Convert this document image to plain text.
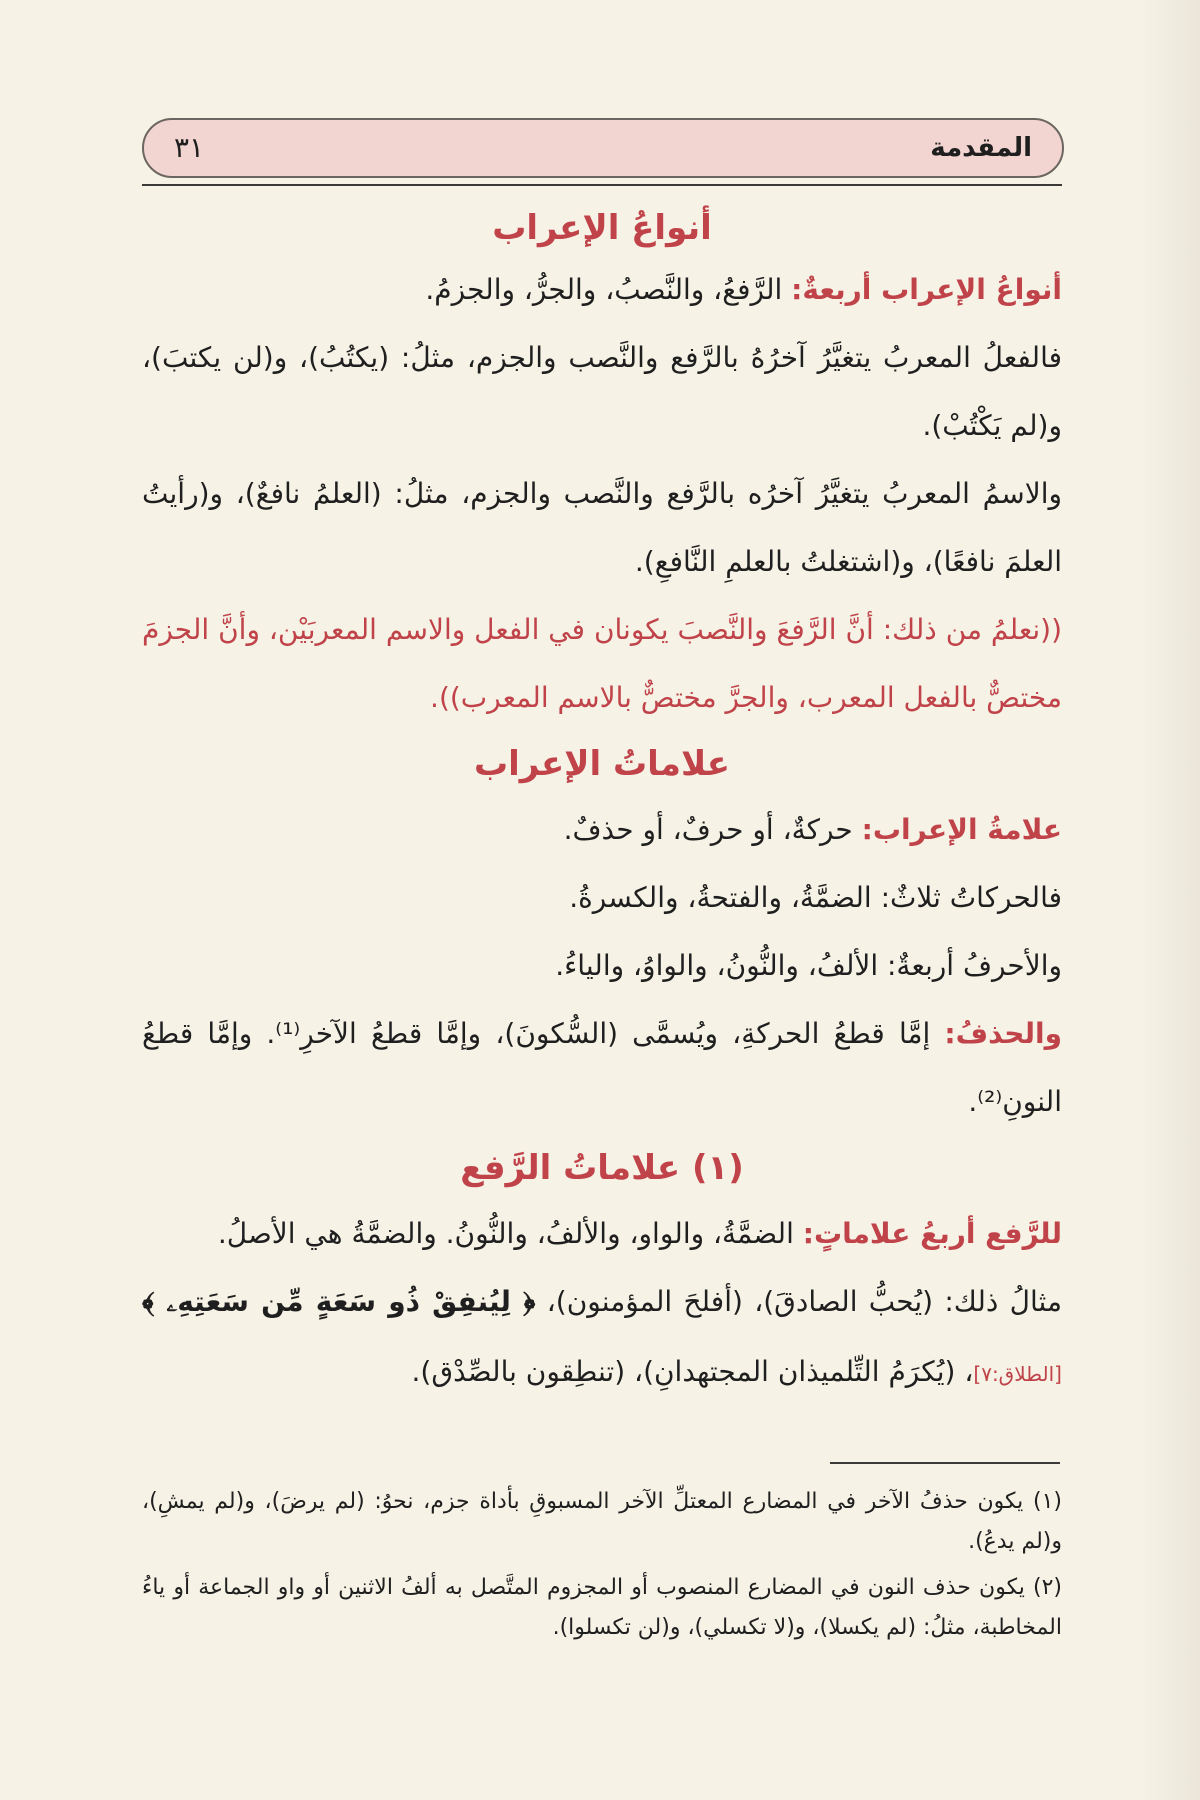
المقدمة
٣١
أنواعُ الإعراب

أنواعُ الإعراب أربعةٌ: الرَّفعُ، والنَّصبُ، والجرُّ، والجزمُ.

فالفعلُ المعربُ يتغيَّرُ آخرُهُ بالرَّفع والنَّصب والجزم، مثلُ: (يكتُبُ)، و(لن يكتبَ)، و(لم يَكْتُبْ).

والاسمُ المعربُ يتغيَّرُ آخرُه بالرَّفع والنَّصب والجزم، مثلُ: (العلمُ نافعٌ)، و(رأيتُ العلمَ نافعًا)، و(اشتغلتُ بالعلمِ النَّافعِ).

((نعلمُ من ذلك: أنَّ الرَّفعَ والنَّصبَ يكونان في الفعل والاسم المعربَيْن، وأنَّ الجزمَ مختصٌّ بالفعل المعرب، والجرَّ مختصٌّ بالاسم المعرب)).

علاماتُ الإعراب

علامةُ الإعراب: حركةٌ، أو حرفٌ، أو حذفٌ.

فالحركاتُ ثلاثٌ: الضمَّةُ، والفتحةُ، والكسرةُ.

والأحرفُ أربعةٌ: الألفُ، والنُّونُ، والواوُ، والياءُ.

والحذفُ: إمَّا قطعُ الحركةِ، ويُسمَّى (السُّكونَ)، وإمَّا قطعُ الآخرِ⁽¹⁾. وإمَّا قطعُ النونِ⁽²⁾.

(١) علاماتُ الرَّفع

للرَّفع أربعُ علاماتٍ: الضمَّةُ، والواو، والألفُ، والنُّونُ. والضمَّةُ هي الأصلُ.

مثالُ ذلك: (يُحبُّ الصادقَ)، (أفلحَ المؤمنون)، ﴿ لِيُنفِقْ ذُو سَعَةٍ مِّن سَعَتِهِۦ ﴾ [الطلاق:٧]، (يُكرَمُ التِّلميذان المجتهدانِ)، (تنطِقون بالصِّدْق).

(١) يكون حذفُ الآخر في المضارع المعتلِّ الآخر المسبوقِ بأداة جزم، نحوُ: (لم يرضَ)، و(لم يمشِ)، و(لم يدعُ).

(٢) يكون حذف النون في المضارع المنصوب أو المجزوم المتَّصل به ألفُ الاثنين أو واو الجماعة أو ياءُ المخاطبة، مثلُ: (لم يكسلا)، و(لا تكسلي)، و(لن تكسلوا).
